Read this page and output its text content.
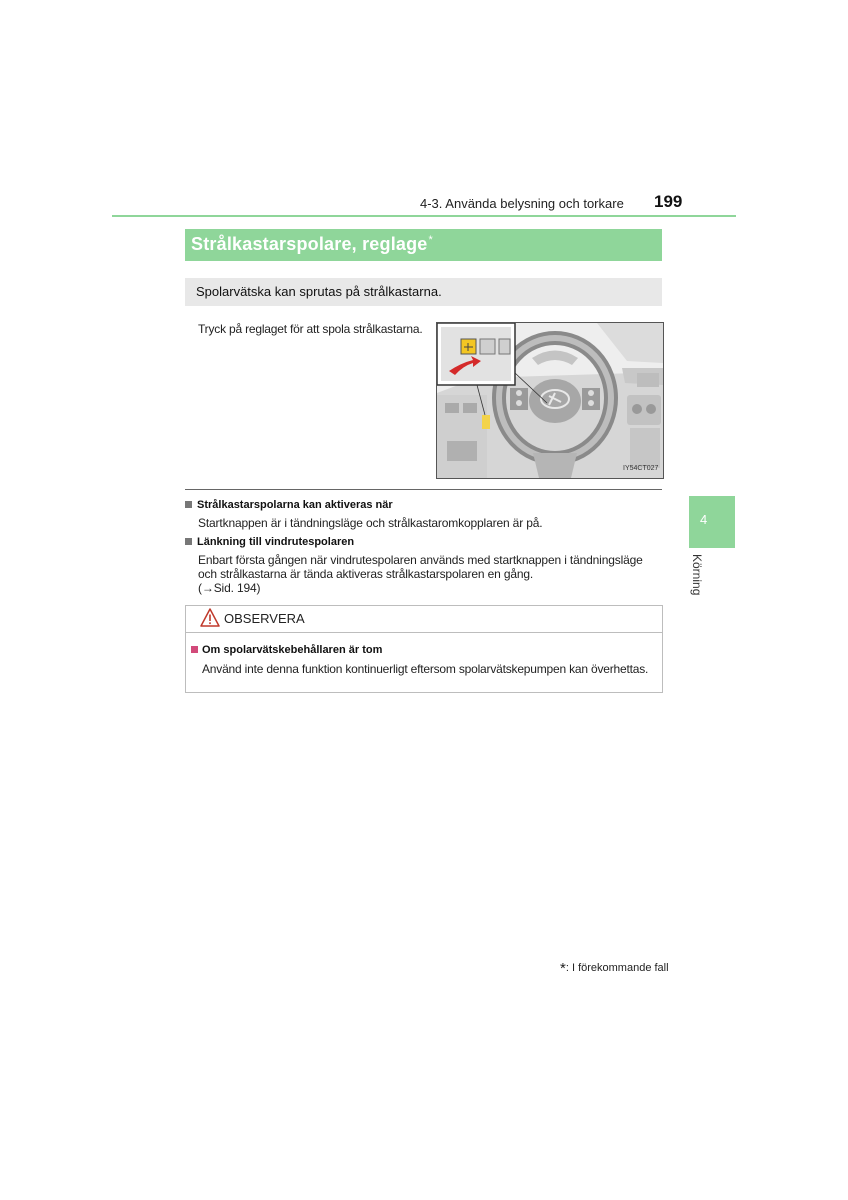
4-3. Använda belysning och torkare 199
Strålkastarspolare, reglage*
Spolarvätska kan sprutas på strålkastarna.
Tryck på reglaget för att spola strålkastarna.
IY54CT027
Strålkastarspolarna kan aktiveras när
Startknappen är i tändningsläge och strålkastaromkopplaren är på.
Länkning till vindrutespolaren
Enbart första gången när vindrutespolaren används med startknappen i tändningsläge
och strålkastarna är tända aktiveras strålkastarspolaren en gång.
(→Sid. 194)
4
Körning
OBSERVERA
Om spolarvätskebehållaren är tom
Använd inte denna funktion kontinuerligt eftersom spolarvätskepumpen kan överhettas.
*: I förekommande fall
